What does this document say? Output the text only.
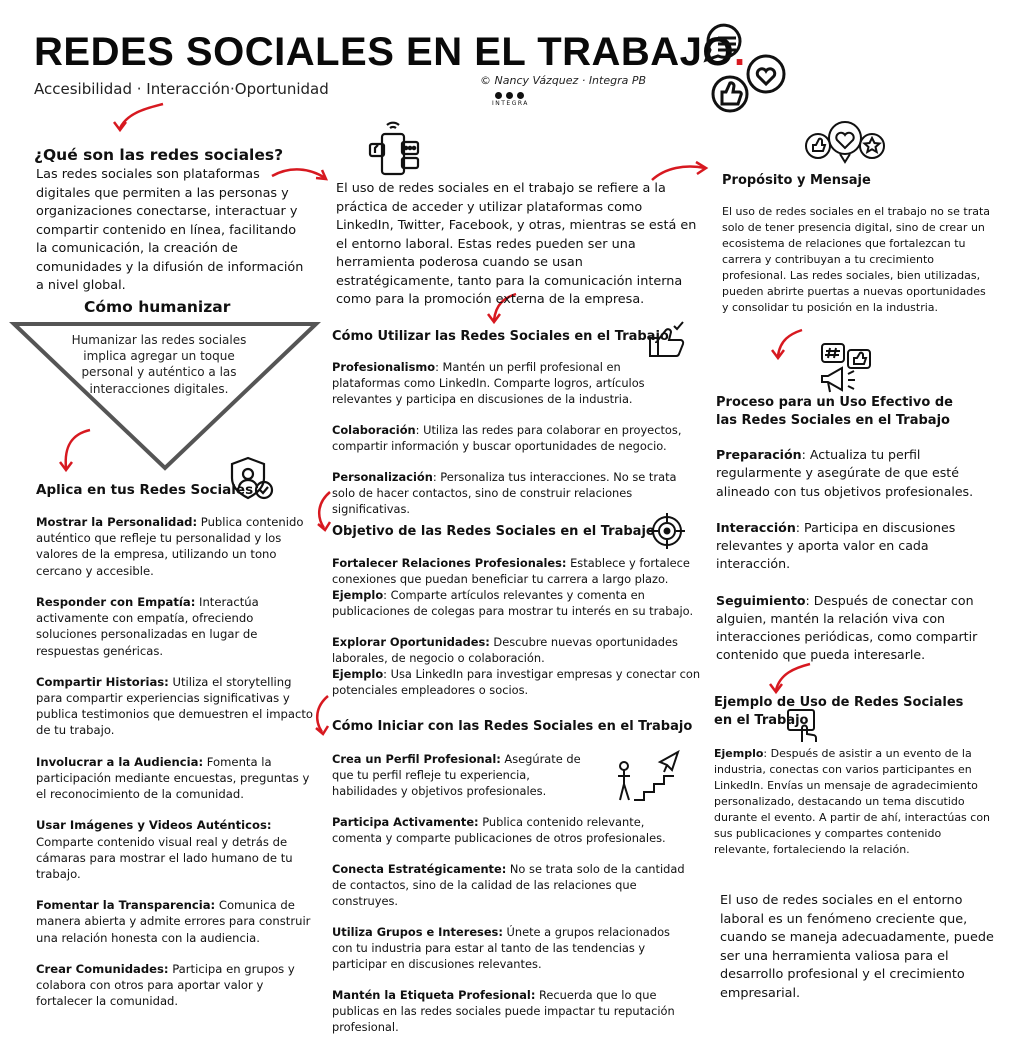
REDES SOCIALES EN EL TRABAJO.
Accesibilidad · Interacción·Oportunidad	© Nancy Vázquez · Integra PB
INTEGRA
¿Qué son las redes sociales?
Las redes sociales son plataformas digitales que permiten a las personas y organizaciones conectarse, interactuar y compartir contenido en línea, facilitando la comunicación, la creación de comunidades y la difusión de información a nivel global.
Cómo humanizar
Humanizar las redes sociales implica agregar un toque personal y auténtico a las interacciones digitales.
Aplica en tus Redes Sociales
Mostrar la Personalidad: Publica contenido auténtico que refleje tu personalidad y los valores de la empresa, utilizando un tono cercano y accesible.
Responder con Empatía: Interactúa activamente con empatía, ofreciendo soluciones personalizadas en lugar de respuestas genéricas.
Compartir Historias: Utiliza el storytelling para compartir experiencias significativas y publica testimonios que demuestren el impacto de tu trabajo.
Involucrar a la Audiencia: Fomenta la participación mediante encuestas, preguntas y el reconocimiento de la comunidad.
Usar Imágenes y Videos Auténticos: Comparte contenido visual real y detrás de cámaras para mostrar el lado humano de tu trabajo.
Fomentar la Transparencia: Comunica de manera abierta y admite errores para construir una relación honesta con la audiencia.
Crear Comunidades: Participa en grupos y colabora con otros para aportar valor y fortalecer la comunidad.
El uso de redes sociales en el trabajo se refiere a la práctica de acceder y utilizar plataformas como LinkedIn, Twitter, Facebook, y otras, mientras se está en el entorno laboral. Estas redes pueden ser una herramienta poderosa cuando se usan estratégicamente, tanto para la comunicación interna como para la promoción externa de la empresa.
Cómo Utilizar las Redes Sociales en el Trabajo
Profesionalismo: Mantén un perfil profesional en plataformas como LinkedIn. Comparte logros, artículos relevantes y participa en discusiones de la industria.
Colaboración: Utiliza las redes para colaborar en proyectos, compartir información y buscar oportunidades de negocio.
Personalización: Personaliza tus interacciones. No se trata solo de hacer contactos, sino de construir relaciones significativas.
Objetivo de las Redes Sociales en el Trabajo
Fortalecer Relaciones Profesionales: Establece y fortalece conexiones que puedan beneficiar tu carrera a largo plazo.
Ejemplo: Comparte artículos relevantes y comenta en publicaciones de colegas para mostrar tu interés en su trabajo.
Explorar Oportunidades: Descubre nuevas oportunidades laborales, de negocio o colaboración.
Ejemplo: Usa LinkedIn para investigar empresas y conectar con potenciales empleadores o socios.
Cómo Iniciar con las Redes Sociales en el Trabajo
Crea un Perfil Profesional: Asegúrate de que tu perfil refleje tu experiencia, habilidades y objetivos profesionales.
Participa Activamente: Publica contenido relevante, comenta y comparte publicaciones de otros profesionales.
Conecta Estratégicamente: No se trata solo de la cantidad de contactos, sino de la calidad de las relaciones que construyes.
Utiliza Grupos e Intereses: Únete a grupos relacionados con tu industria para estar al tanto de las tendencias y participar en discusiones relevantes.
Mantén la Etiqueta Profesional: Recuerda que lo que publicas en las redes sociales puede impactar tu reputación profesional.
Propósito y Mensaje
El uso de redes sociales en el trabajo no se trata solo de tener presencia digital, sino de crear un ecosistema de relaciones que fortalezcan tu carrera y contribuyan a tu crecimiento profesional. Las redes sociales, bien utilizadas, pueden abrirte puertas a nuevas oportunidades y consolidar tu posición en la industria.
Proceso para un Uso Efectivo de las Redes Sociales en el Trabajo
Preparación: Actualiza tu perfil regularmente y asegúrate de que esté alineado con tus objetivos profesionales.
Interacción: Participa en discusiones relevantes y aporta valor en cada interacción.
Seguimiento: Después de conectar con alguien, mantén la relación viva con interacciones periódicas, como compartir contenido que pueda interesarle.
Ejemplo de Uso de Redes Sociales en el Trabajo
Ejemplo: Después de asistir a un evento de la industria, conectas con varios participantes en LinkedIn. Envías un mensaje de agradecimiento personalizado, destacando un tema discutido durante el evento. A partir de ahí, interactúas con sus publicaciones y compartes contenido relevante, fortaleciendo la relación.
El uso de redes sociales en el entorno laboral es un fenómeno creciente que, cuando se maneja adecuadamente, puede ser una herramienta valiosa para el desarrollo profesional y el crecimiento empresarial.
